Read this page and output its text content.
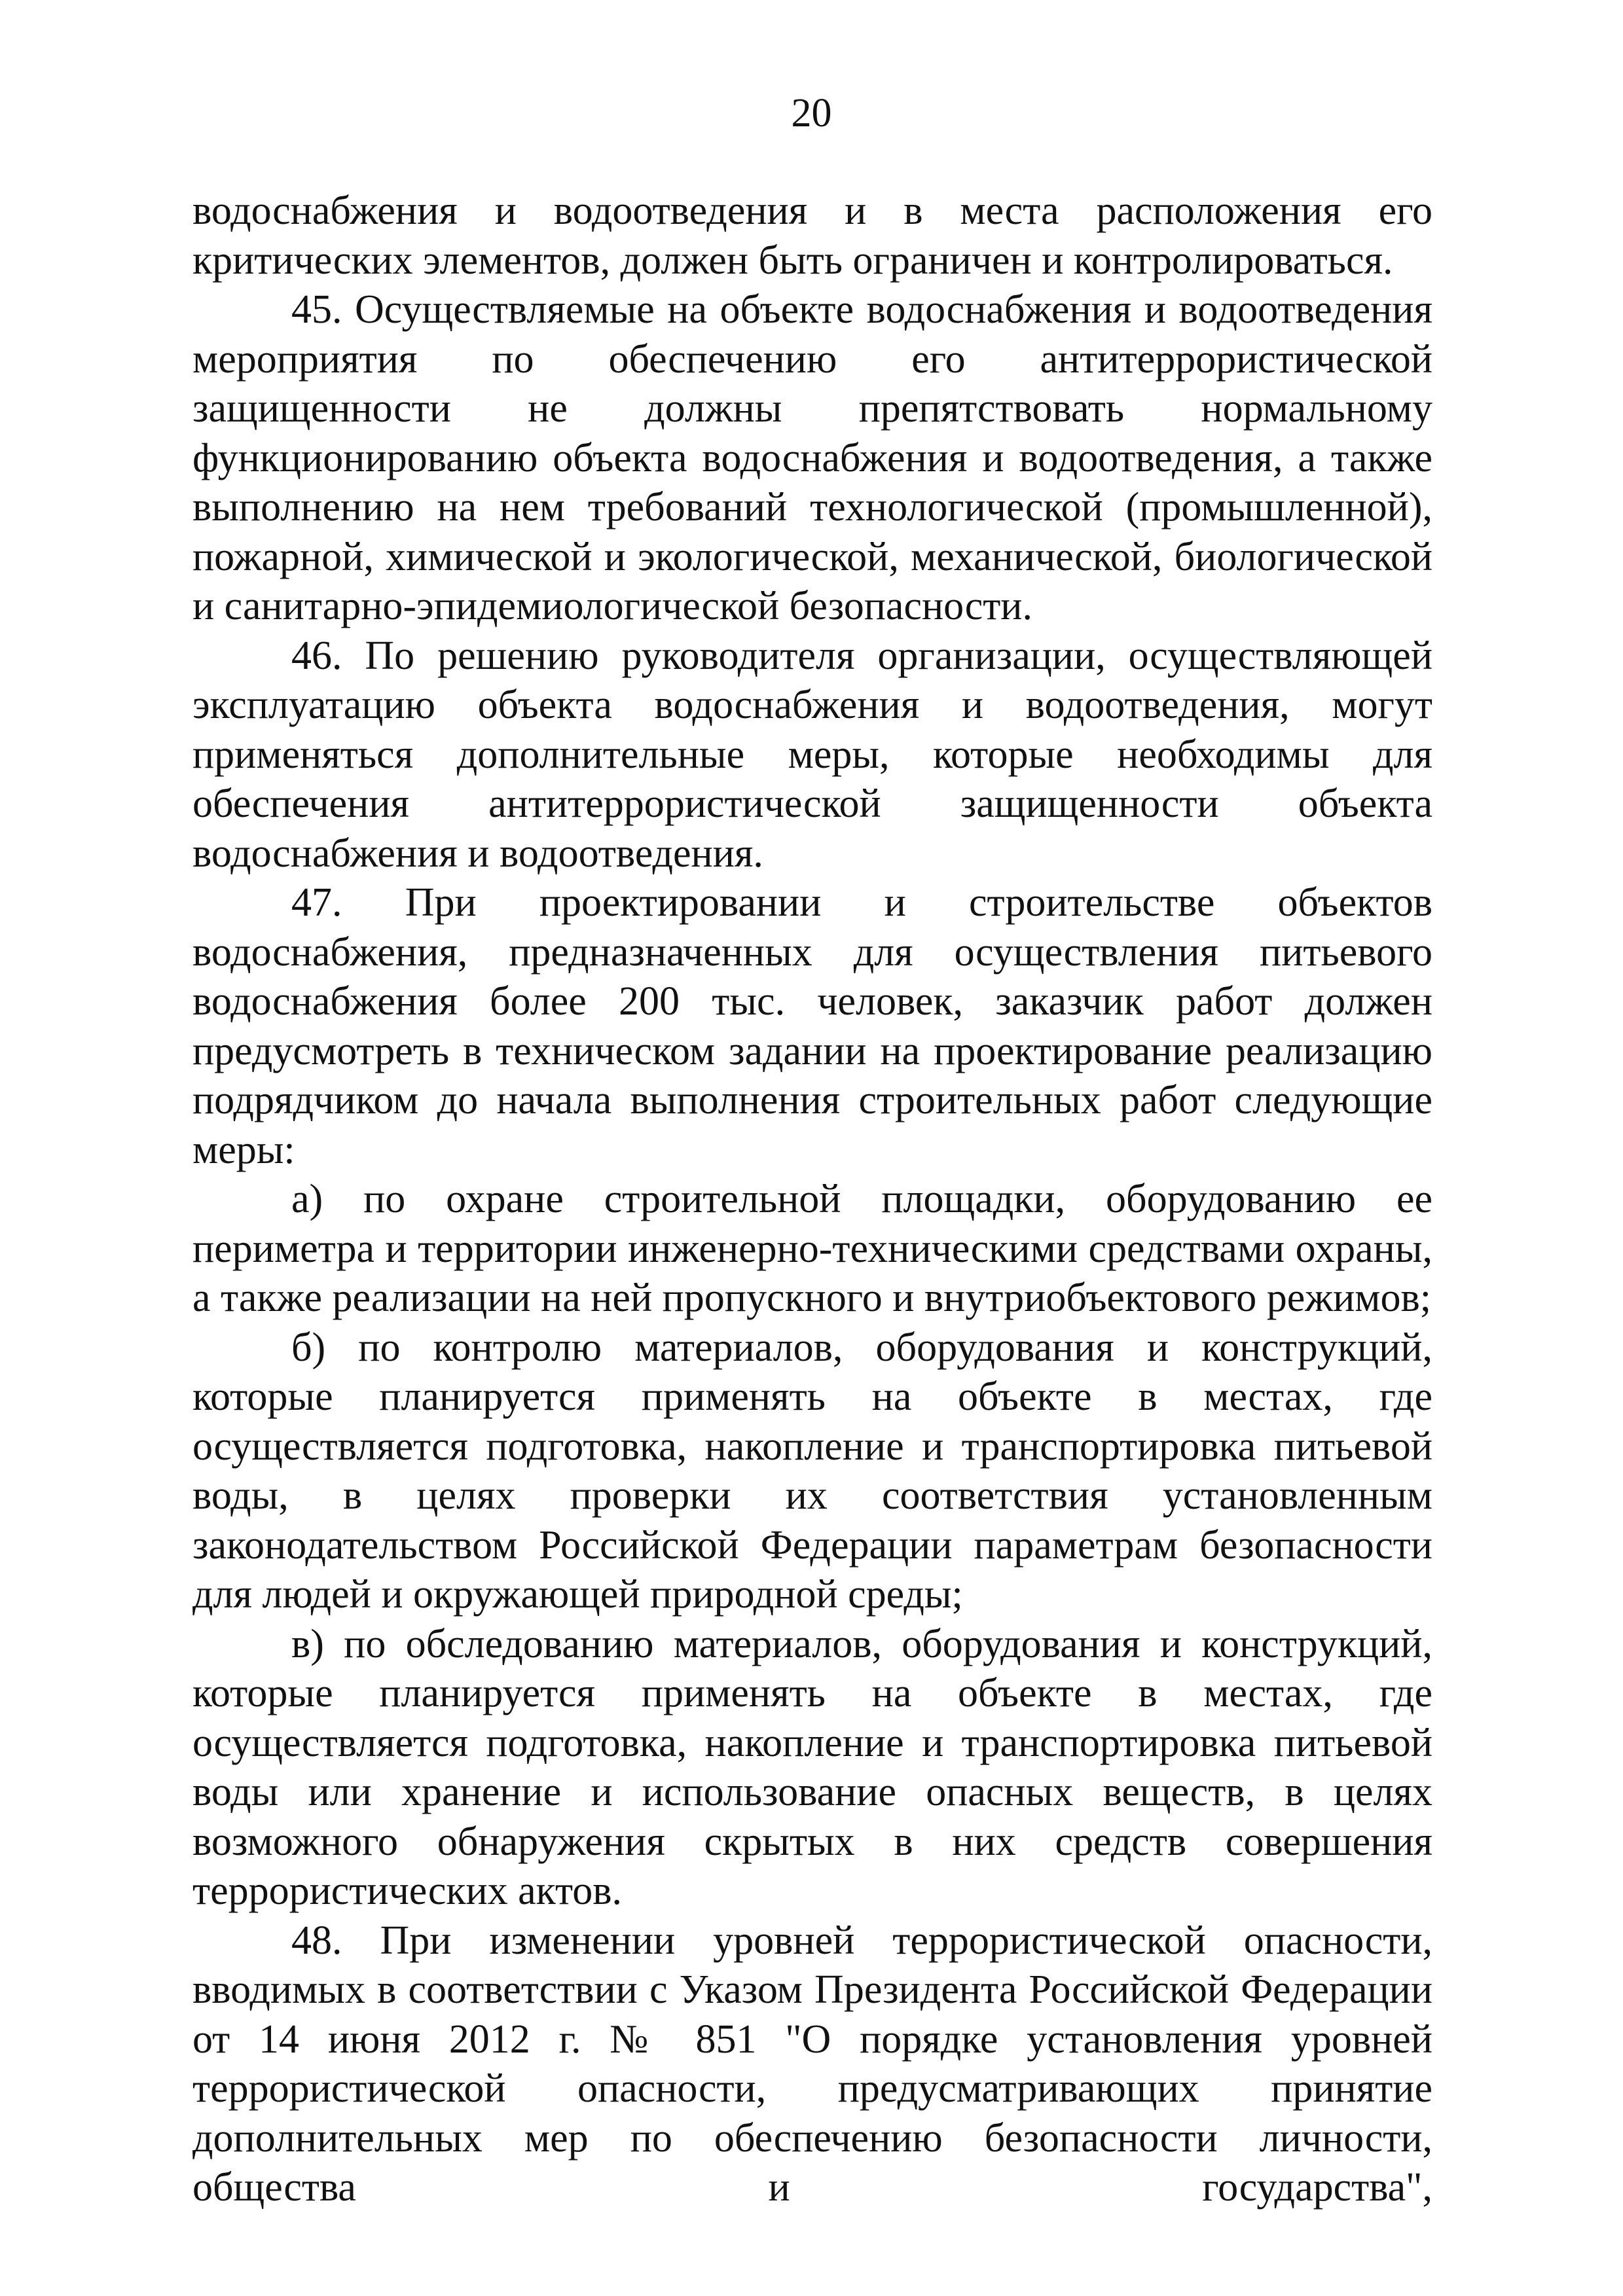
20

водоснабжения и водоотведения и в места расположения его критических элементов, должен быть ограничен и контролироваться.

45. Осуществляемые на объекте водоснабжения и водоотведения мероприятия по обеспечению его антитеррористической защищенности не должны препятствовать нормальному функционированию объекта водоснабжения и водоотведения, а также выполнению на нем требований технологической (промышленной), пожарной, химической и экологической, механической, биологической и санитарно-эпидемиологической безопасности.

46. По решению руководителя организации, осуществляющей эксплуатацию объекта водоснабжения и водоотведения, могут применяться дополнительные меры, которые необходимы для обеспечения антитеррористической защищенности объекта водоснабжения и водоотведения.

47. При проектировании и строительстве объектов водоснабжения, предназначенных для осуществления питьевого водоснабжения более 200 тыс. человек, заказчик работ должен предусмотреть в техническом задании на проектирование реализацию подрядчиком до начала выполнения строительных работ следующие меры:

а) по охране строительной площадки, оборудованию ее периметра и территории инженерно-техническими средствами охраны, а также реализации на ней пропускного и внутриобъектового режимов;

б) по контролю материалов, оборудования и конструкций, которые планируется применять на объекте в местах, где осуществляется подготовка, накопление и транспортировка питьевой воды, в целях проверки их соответствия установленным законодательством Российской Федерации параметрам безопасности для людей и окружающей природной среды;

в) по обследованию материалов, оборудования и конструкций, которые планируется применять на объекте в местах, где осуществляется подготовка, накопление и транспортировка питьевой воды или хранение и использование опасных веществ, в целях возможного обнаружения скрытых в них средств совершения террористических актов.

48. При изменении уровней террористической опасности, вводимых в соответствии с Указом Президента Российской Федерации от 14 июня 2012 г. № 851 "О порядке установления уровней террористической опасности, предусматривающих принятие дополнительных мер по обеспечению безопасности личности, общества и государства",
